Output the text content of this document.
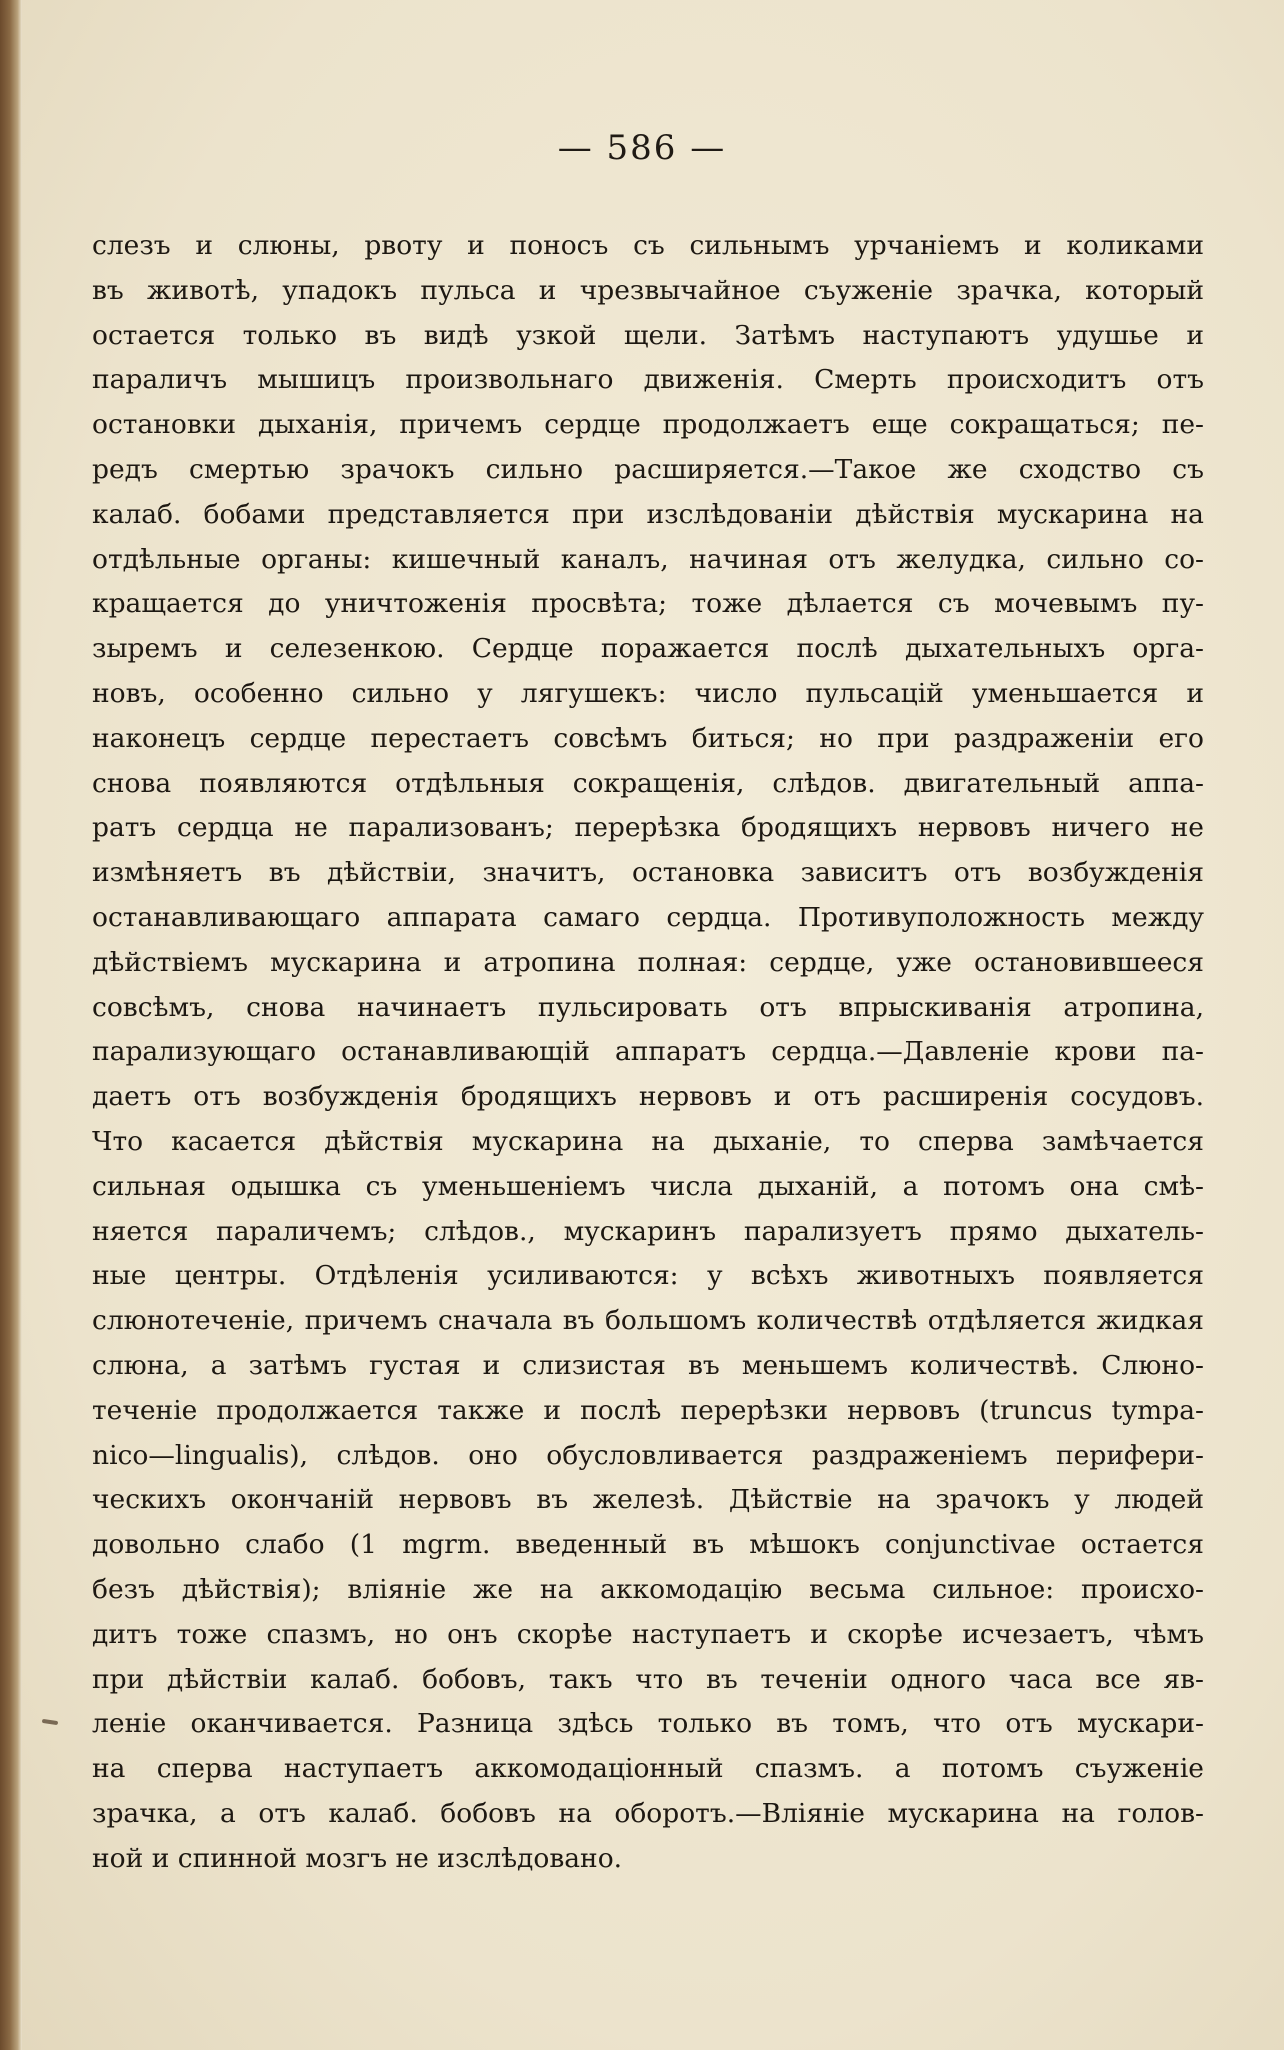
— 586 —
слезъ и слюны, рвоту и поносъ съ сильнымъ урчанiемъ и коликами
въ животѣ, упадокъ пульса и чрезвычайное съуженiе зрачка, который
остается только въ видѣ узкой щели. Затѣмъ наступаютъ удушье и
параличъ мышицъ произвольнаго движенiя. Смерть происходитъ отъ
остановки дыханiя, причемъ сердце продолжаетъ еще сокращаться; пе-
редъ смертью зрачокъ сильно расширяется.—Такое же сходство съ
калаб. бобами представляется при изслѣдованiи дѣйствiя мускарина на
отдѣльные органы: кишечный каналъ, начиная отъ желудка, сильно со-
кращается до уничтоженiя просвѣта; тоже дѣлается съ мочевымъ пу-
зыремъ и селезенкою. Сердце поражается послѣ дыхательныхъ орга-
новъ, особенно сильно у лягушекъ: число пульсацiй уменьшается и
наконецъ сердце перестаетъ совсѣмъ биться; но при раздраженiи его
снова появляются отдѣльныя сокращенiя, слѣдов. двигательный аппа-
ратъ сердца не парализованъ; перерѣзка бродящихъ нервовъ ничего не
измѣняетъ въ дѣйствiи, значитъ, остановка зависитъ отъ возбужденiя
останавливающаго аппарата самаго сердца. Противуположность между
дѣйствiемъ мускарина и атропина полная: сердце, уже остановившееся
совсѣмъ, снова начинаетъ пульсировать отъ впрыскиванiя атропина,
парализующаго останавливающiй аппаратъ сердца.—Давленiе крови па-
даетъ отъ возбужденiя бродящихъ нервовъ и отъ расширенiя сосудовъ.
Что касается дѣйствiя мускарина на дыханiе, то сперва замѣчается
сильная одышка съ уменьшенiемъ числа дыханiй, а потомъ она смѣ-
няется параличемъ; слѣдов., мускаринъ парализуетъ прямо дыхатель-
ные центры. Отдѣленiя усиливаются: у всѣхъ животныхъ появляется
слюнотеченiе, причемъ сначала въ большомъ количествѣ отдѣляется жидкая
слюна, а затѣмъ густая и слизистая въ меньшемъ количествѣ. Слюно-
теченiе продолжается также и послѣ перерѣзки нервовъ (truncus tympa-
nico—lingualis), слѣдов. оно обусловливается раздраженiемъ перифери-
ческихъ окончанiй нервовъ въ железѣ. Дѣйствiе на зрачокъ у людей
довольно слабо (1 mgrm. введенный въ мѣшокъ conjunctivae остается
безъ дѣйствiя); влiянiе же на аккомодацiю весьма сильное: происхо-
дитъ тоже спазмъ, но онъ скорѣе наступаетъ и скорѣе исчезаетъ, чѣмъ
при дѣйствiи калаб. бобовъ, такъ что въ теченiи одного часа все яв-
ленiе оканчивается. Разница здѣсь только въ томъ, что отъ мускари-
на сперва наступаетъ аккомодацiонный спазмъ. а потомъ съуженiе
зрачка, а отъ калаб. бобовъ на оборотъ.—Влiянiе мускарина на голов-
ной и спинной мозгъ не изслѣдовано.
